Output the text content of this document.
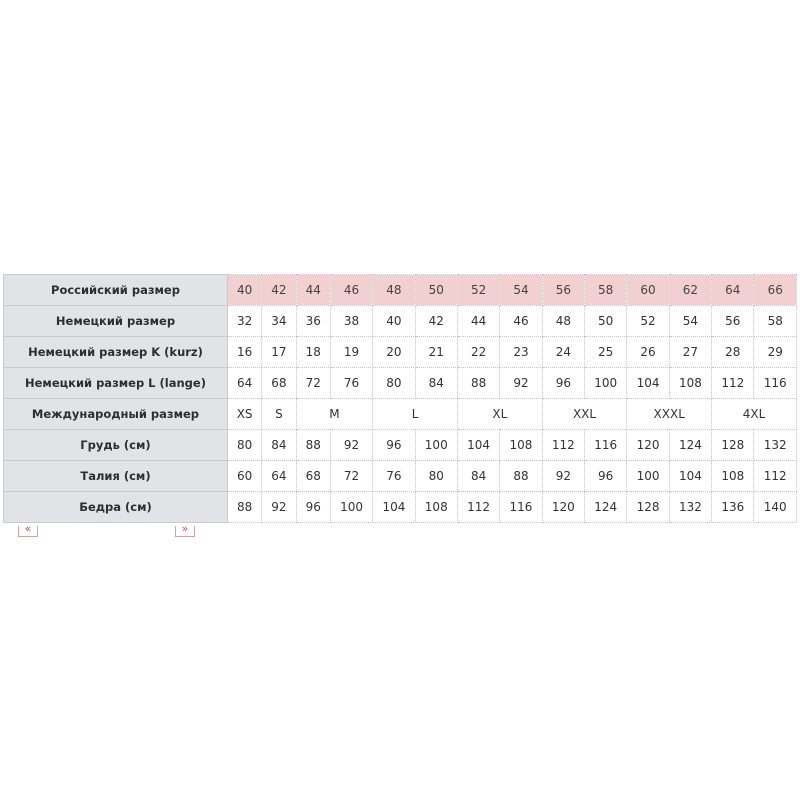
Российский размер	40	42	44	46	48	50	52	54	56	58	60	62	64	66
Немецкий размер	32	34	36	38	40	42	44	46	48	50	52	54	56	58
Немецкий размер K (kurz)	16	17	18	19	20	21	22	23	24	25	26	27	28	29
Немецкий размер L (lange)	64	68	72	76	80	84	88	92	96	100	104	108	112	116
Международный размер	XS	S	M		L		XL		XXL		XXXL		4XL	
Грудь (см)	80	84	88	92	96	100	104	108	112	116	120	124	128	132
Талия (см)	60	64	68	72	76	80	84	88	92	96	100	104	108	112
Бедра (см)	88	92	96	100	104	108	112	116	120	124	128	132	136	140
«	»
